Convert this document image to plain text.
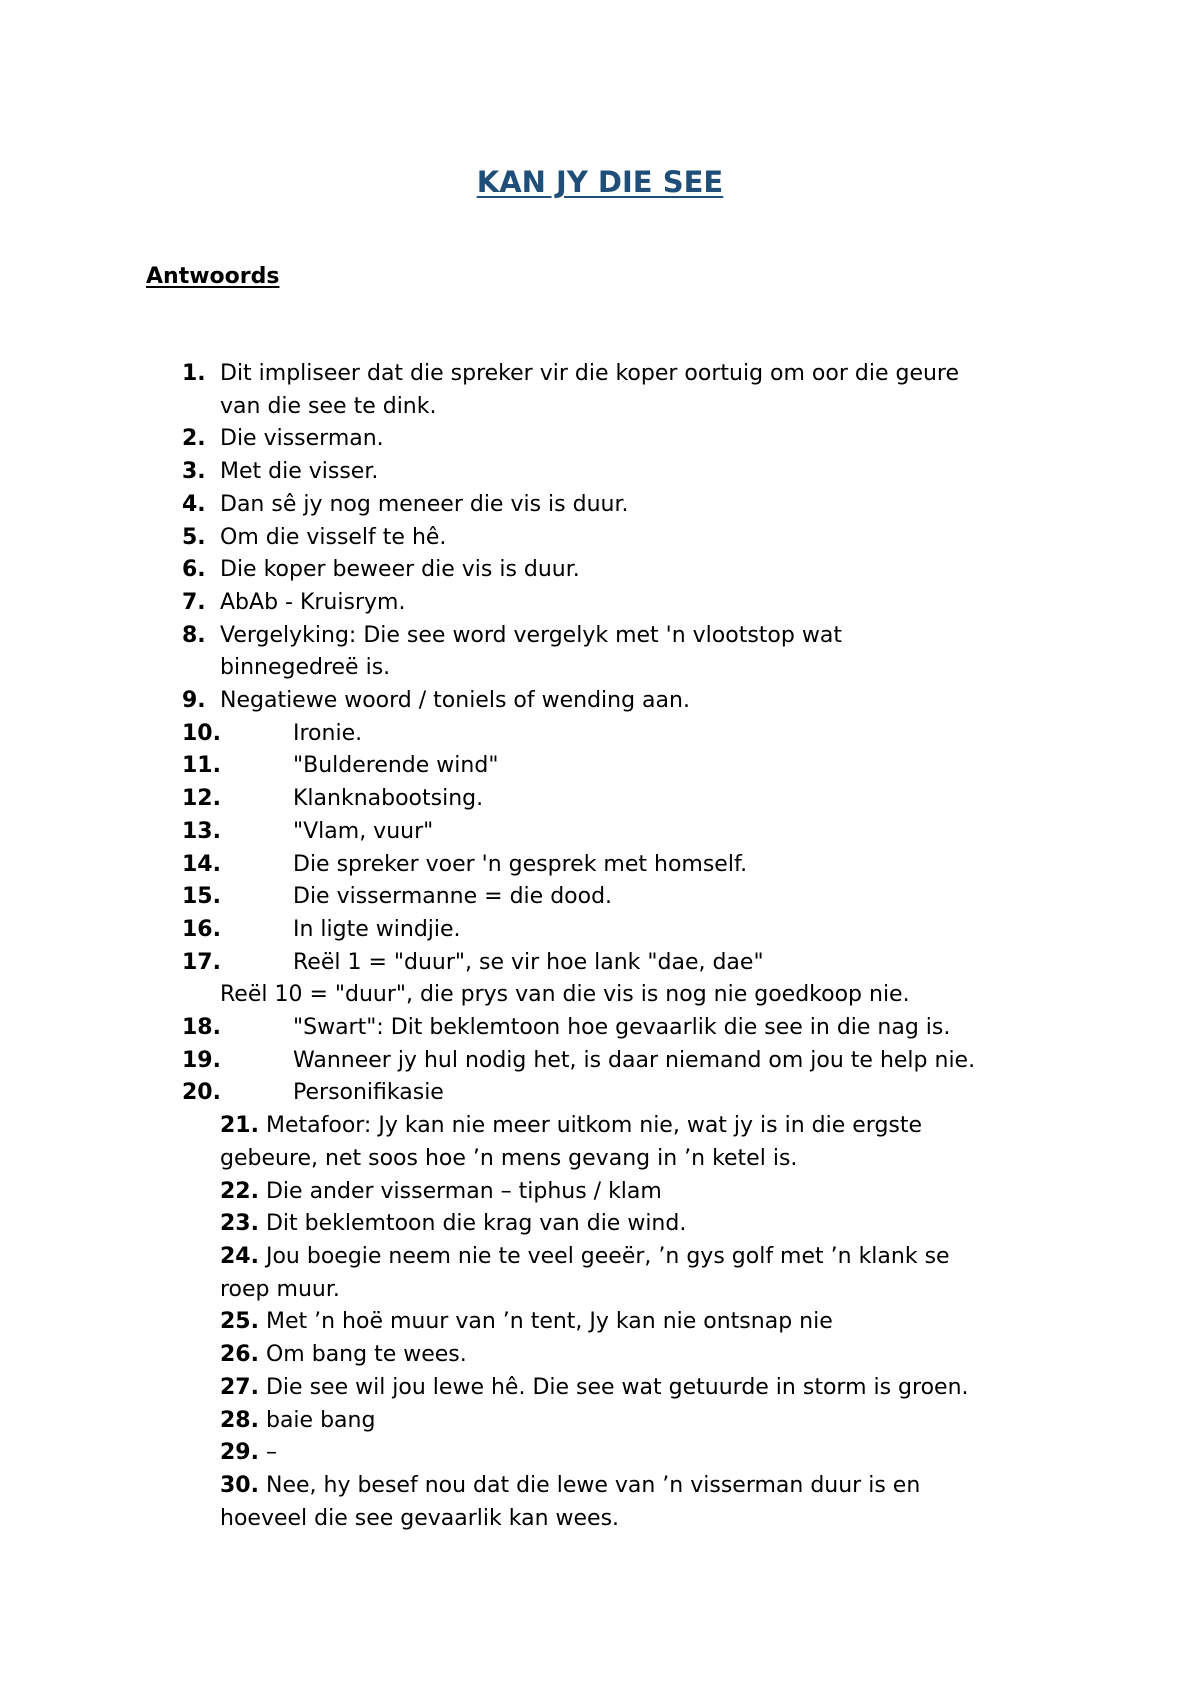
KAN JY DIE SEE
Antwoords
1. Dit impliseer dat die spreker vir die koper oortuig om oor die geure
van die see te dink.
2. Die visserman.
3. Met die visser.
4. Dan sê jy nog meneer die vis is duur.
5. Om die visself te hê.
6. Die koper beweer die vis is duur.
7. AbAb - Kruisrym.
8. Vergelyking: Die see word vergelyk met 'n vlootstop wat
binnegedreë is.
9. Negatiewe woord / toniels of wending aan.
10.	Ironie.
11.	"Bulderende wind"
12.	Klanknabootsing.
13.	"Vlam, vuur"
14.	Die spreker voer 'n gesprek met homself.
15.	Die vissermanne = die dood.
16.	In ligte windjie.
17.	Reël 1 = "duur", se vir hoe lank "dae, dae"
Reël 10 = "duur", die prys van die vis is nog nie goedkoop nie.
18.	"Swart": Dit beklemtoon hoe gevaarlik die see in die nag is.
19.	Wanneer jy hul nodig het, is daar niemand om jou te help nie.
20.	Personifikasie
21. Metafoor: Jy kan nie meer uitkom nie, wat jy is in die ergste
gebeure, net soos hoe ’n mens gevang in ’n ketel is.
22. Die ander visserman – tiphus / klam
23. Dit beklemtoon die krag van die wind.
24. Jou boegie neem nie te veel geeër, ’n gys golf met ’n klank se
roep muur.
25. Met ’n hoë muur van ’n tent, Jy kan nie ontsnap nie
26. Om bang te wees.
27. Die see wil jou lewe hê. Die see wat getuurde in storm is groen.
28. baie bang
29. –
30. Nee, hy besef nou dat die lewe van ’n visserman duur is en
hoeveel die see gevaarlik kan wees.
